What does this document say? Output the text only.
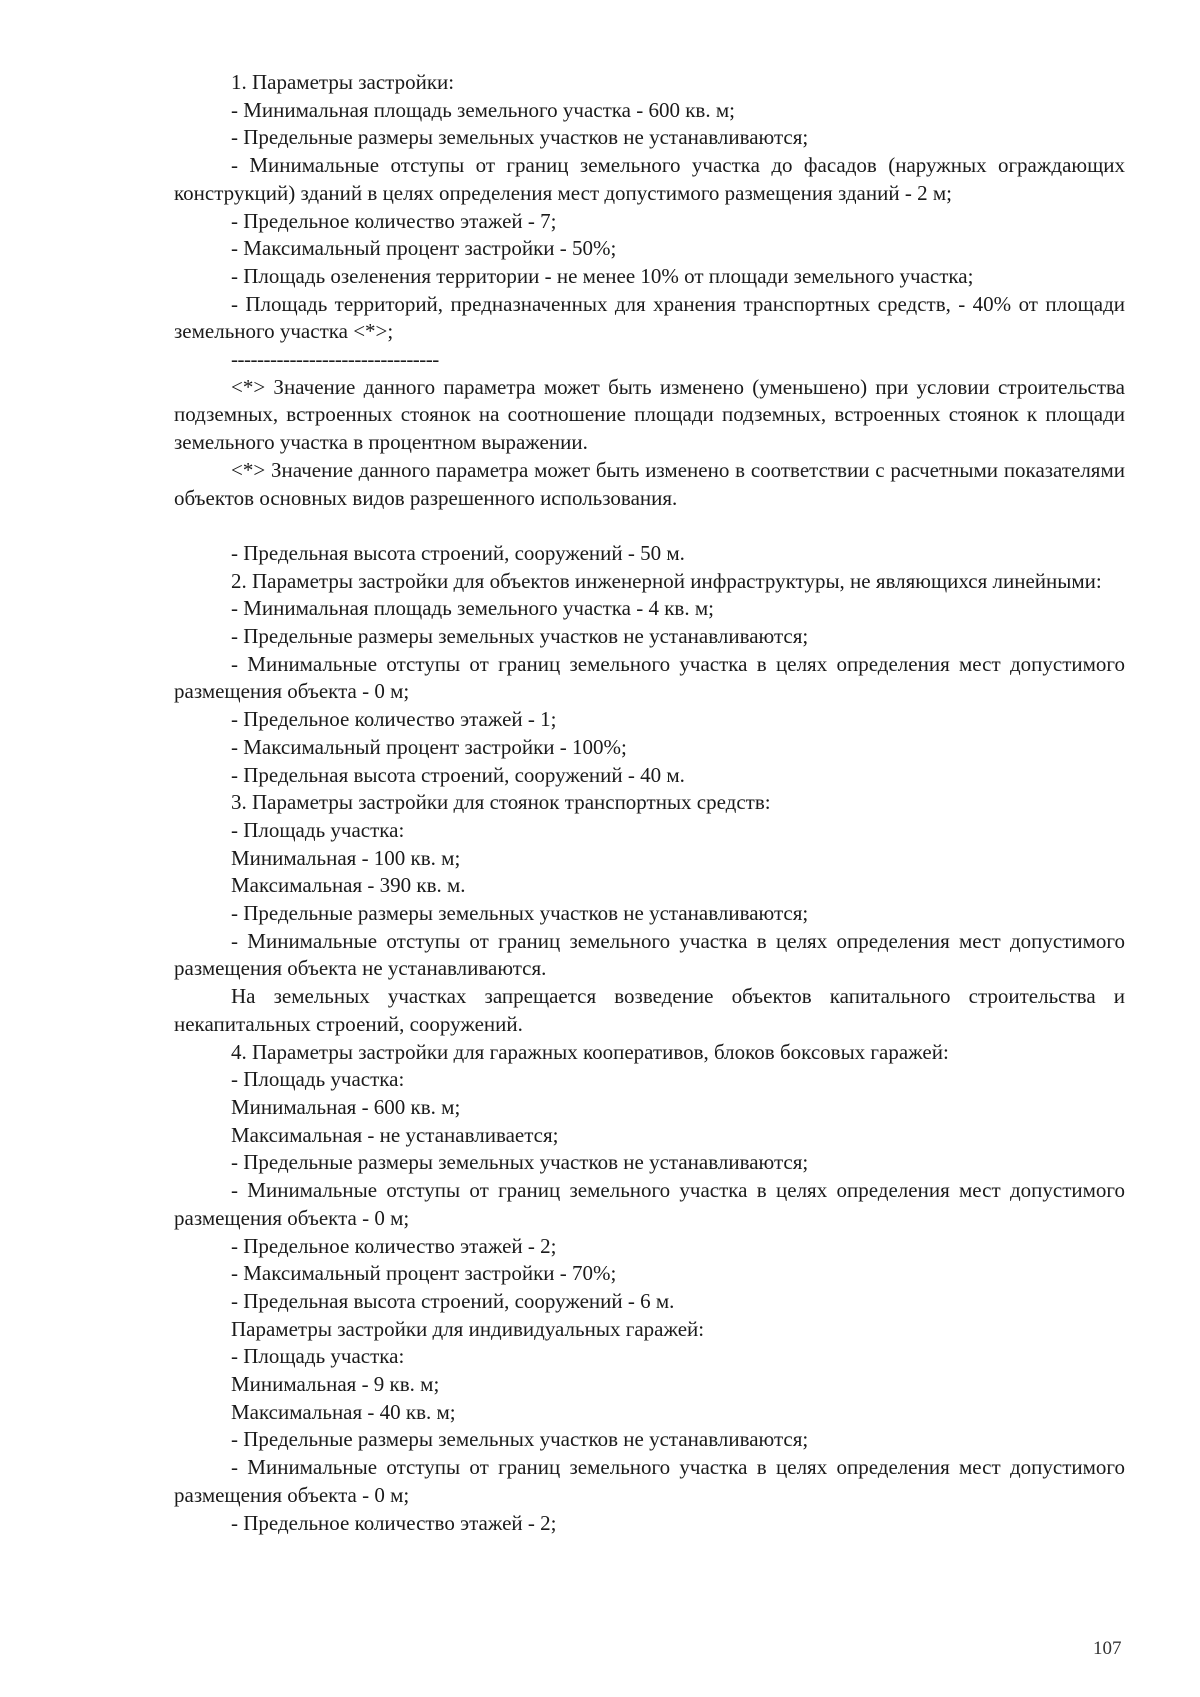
1. Параметры застройки:

- Минимальная площадь земельного участка - 600 кв. м;

- Предельные размеры земельных участков не устанавливаются;

- Минимальные отступы от границ земельного участка до фасадов (наружных ограждающих конструкций) зданий в целях определения мест допустимого размещения зданий - 2 м;

- Предельное количество этажей - 7;

- Максимальный процент застройки - 50%;

- Площадь озеленения территории - не менее 10% от площади земельного участка;

- Площадь территорий, предназначенных для хранения транспортных средств, - 40% от площади земельного участка <*>;

--------------------------------

<*> Значение данного параметра может быть изменено (уменьшено) при условии строительства подземных, встроенных стоянок на соотношение площади подземных, встроенных стоянок к площади земельного участка в процентном выражении.

<*> Значение данного параметра может быть изменено в соответствии с расчетными показателями объектов основных видов разрешенного использования.

- Предельная высота строений, сооружений - 50 м.

2. Параметры застройки для объектов инженерной инфраструктуры, не являющихся линейными:

- Минимальная площадь земельного участка - 4 кв. м;

- Предельные размеры земельных участков не устанавливаются;

- Минимальные отступы от границ земельного участка в целях определения мест допустимого размещения объекта - 0 м;

- Предельное количество этажей - 1;

- Максимальный процент застройки - 100%;

- Предельная высота строений, сооружений - 40 м.

3. Параметры застройки для стоянок транспортных средств:

- Площадь участка:

Минимальная - 100 кв. м;

Максимальная - 390 кв. м.

- Предельные размеры земельных участков не устанавливаются;

- Минимальные отступы от границ земельного участка в целях определения мест допустимого размещения объекта не устанавливаются.

На земельных участках запрещается возведение объектов капитального строительства и некапитальных строений, сооружений.

4. Параметры застройки для гаражных кооперативов, блоков боксовых гаражей:

- Площадь участка:

Минимальная - 600 кв. м;

Максимальная - не устанавливается;

- Предельные размеры земельных участков не устанавливаются;

- Минимальные отступы от границ земельного участка в целях определения мест допустимого размещения объекта - 0 м;

- Предельное количество этажей - 2;

- Максимальный процент застройки - 70%;

- Предельная высота строений, сооружений - 6 м.

Параметры застройки для индивидуальных гаражей:

- Площадь участка:

Минимальная - 9 кв. м;

Максимальная - 40 кв. м;

- Предельные размеры земельных участков не устанавливаются;

- Минимальные отступы от границ земельного участка в целях определения мест допустимого размещения объекта - 0 м;

- Предельное количество этажей - 2;

107
